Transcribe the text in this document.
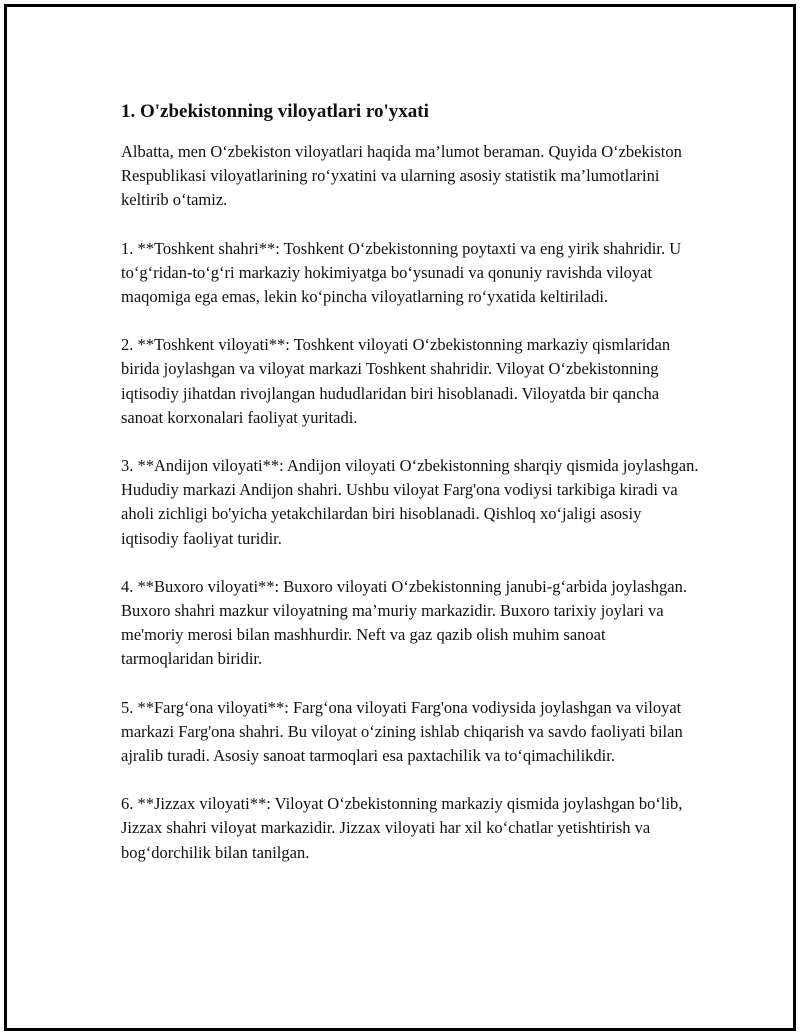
1. O'zbekistonning viloyatlari ro'yxati

Albatta, men O‘zbekiston viloyatlari haqida ma’lumot beraman. Quyida O‘zbekiston Respublikasi viloyatlarining ro‘yxatini va ularning asosiy statistik ma’lumotlarini keltirib o‘tamiz.

1. **Toshkent shahri**: Toshkent O‘zbekistonning poytaxti va eng yirik shahridir. U to‘g‘ridan-to‘g‘ri markaziy hokimiyatga bo‘ysunadi va qonuniy ravishda viloyat maqomiga ega emas, lekin ko‘pincha viloyatlarning ro‘yxatida keltiriladi.

2. **Toshkent viloyati**: Toshkent viloyati O‘zbekistonning markaziy qismlaridan birida joylashgan va viloyat markazi Toshkent shahridir. Viloyat O‘zbekistonning iqtisodiy jihatdan rivojlangan hududlaridan biri hisoblanadi. Viloyatda bir qancha sanoat korxonalari faoliyat yuritadi.

3. **Andijon viloyati**: Andijon viloyati O‘zbekistonning sharqiy qismida joylashgan. Hududiy markazi Andijon shahri. Ushbu viloyat Farg'ona vodiysi tarkibiga kiradi va aholi zichligi bo'yicha yetakchilardan biri hisoblanadi. Qishloq xo‘jaligi asosiy iqtisodiy faoliyat turidir.

4. **Buxoro viloyati**: Buxoro viloyati O‘zbekistonning janubi-g‘arbida joylashgan. Buxoro shahri mazkur viloyatning ma’muriy markazidir. Buxoro tarixiy joylari va me'moriy merosi bilan mashhurdir. Neft va gaz qazib olish muhim sanoat tarmoqlaridan biridir.

5. **Farg‘ona viloyati**: Farg‘ona viloyati Farg'ona vodiysida joylashgan va viloyat markazi Farg'ona shahri. Bu viloyat o‘zining ishlab chiqarish va savdo faoliyati bilan ajralib turadi. Asosiy sanoat tarmoqlari esa paxtachilik va to‘qimachilikdir.

6. **Jizzax viloyati**: Viloyat O‘zbekistonning markaziy qismida joylashgan bo‘lib, Jizzax shahri viloyat markazidir. Jizzax viloyati har xil ko‘chatlar yetishtirish va bog‘dorchilik bilan tanilgan.
